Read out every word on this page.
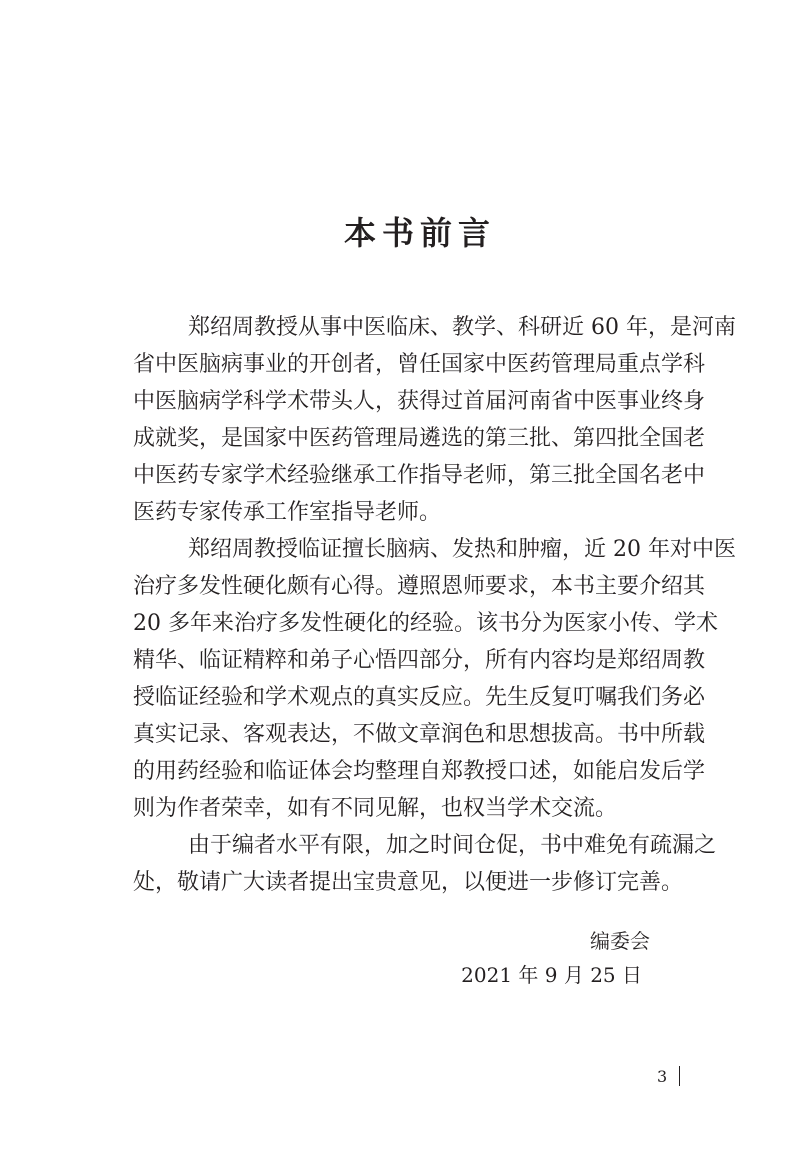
本书前言
郑绍周教授从事中医临床、教学、科研近 60 年，是河南
省中医脑病事业的开创者，曾任国家中医药管理局重点学科
中医脑病学科学术带头人，获得过首届河南省中医事业终身
成就奖，是国家中医药管理局遴选的第三批、第四批全国老
中医药专家学术经验继承工作指导老师，第三批全国名老中
医药专家传承工作室指导老师。
郑绍周教授临证擅长脑病、发热和肿瘤，近 20 年对中医
治疗多发性硬化颇有心得。遵照恩师要求，本书主要介绍其
20 多年来治疗多发性硬化的经验。该书分为医家小传、学术
精华、临证精粹和弟子心悟四部分，所有内容均是郑绍周教
授临证经验和学术观点的真实反应。先生反复叮嘱我们务必
真实记录、客观表达，不做文章润色和思想拔高。书中所载
的用药经验和临证体会均整理自郑教授口述，如能启发后学
则为作者荣幸，如有不同见解，也权当学术交流。
由于编者水平有限，加之时间仓促，书中难免有疏漏之
处，敬请广大读者提出宝贵意见，以便进一步修订完善。
编委会
2021 年 9 月 25 日
3
